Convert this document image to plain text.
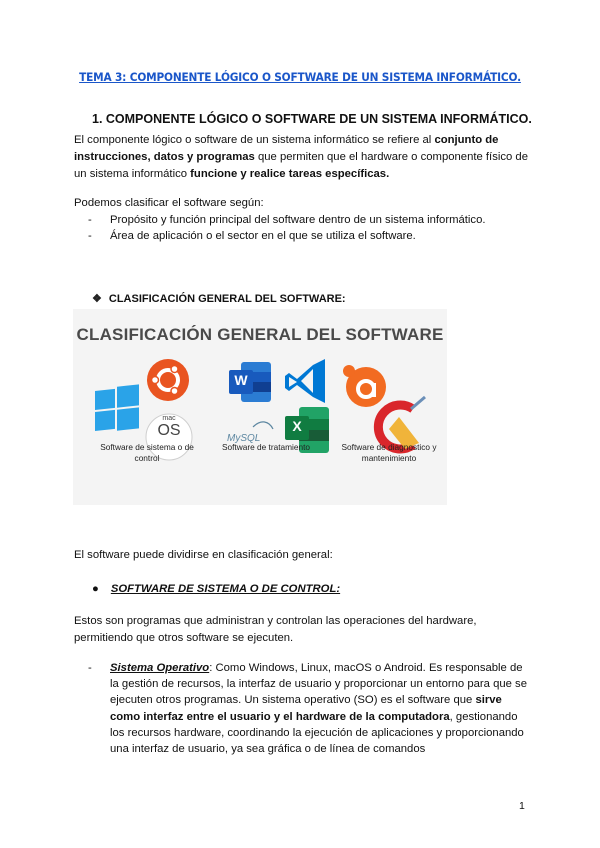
TEMA 3: COMPONENTE LÓGICO O SOFTWARE DE UN SISTEMA INFORMÁTICO.
1. COMPONENTE LÓGICO O SOFTWARE DE UN SISTEMA INFORMÁTICO.
El componente lógico o software de un sistema informático se refiere al conjunto de instrucciones, datos y programas que permiten que el hardware o componente físico de un sistema informático funcione y realice tareas específicas.
Podemos clasificar el software según:
- Propósito y función principal del software dentro de un sistema informático.
- Área de aplicación o el sector en el que se utiliza el software.
❖ CLASIFICACIÓN GENERAL DEL SOFTWARE:
CLASIFICACIÓN GENERAL DEL SOFTWARE
mac
OS
W
X
MySQL
Software de sistema o de control
Software de tratamiento	Software de diagnostico y mantenimiento
El software puede dividirse en clasificación general:
● SOFTWARE DE SISTEMA O DE CONTROL:
Estos son programas que administran y controlan las operaciones del hardware, permitiendo que otros software se ejecuten.
- Sistema Operativo: Como Windows, Linux, macOS o Android. Es responsable de la gestión de recursos, la interfaz de usuario y proporcionar un entorno para que se ejecuten otros programas. Un sistema operativo (SO) es el software que sirve como interfaz entre el usuario y el hardware de la computadora, gestionando los recursos hardware, coordinando la ejecución de aplicaciones y proporcionando una interfaz de usuario, ya sea gráfica o de línea de comandos
1
